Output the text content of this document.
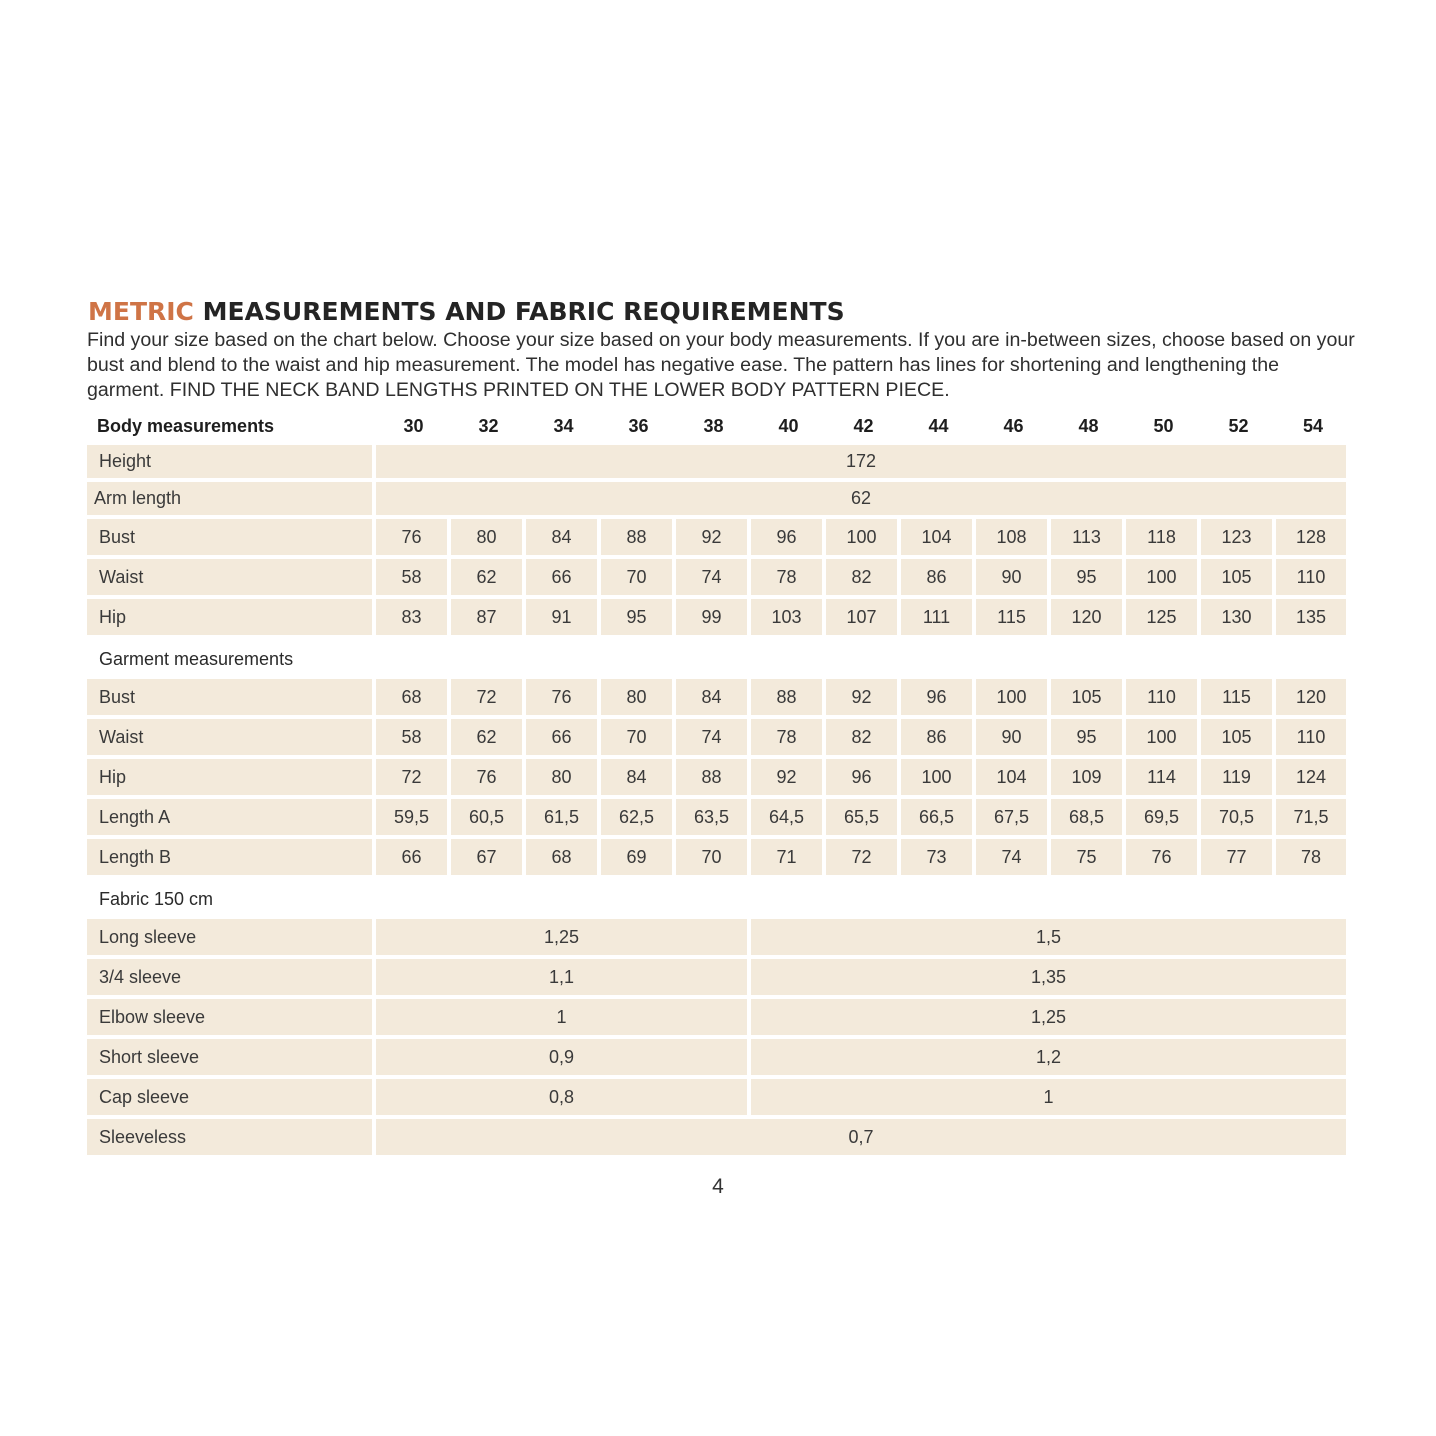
METRIC MEASUREMENTS AND FABRIC REQUIREMENTS

Find your size based on the chart below. Choose your size based on your body measurements. If you are in-between sizes, choose based on your bust and blend to the waist and hip measurement. The model has negative ease. The pattern has lines for shortening and lengthening the garment. FIND THE NECK BAND LENGTHS PRINTED ON THE LOWER BODY PATTERN PIECE.

Body measurements	30	32	34	36	38	40	42	44	46	48	50	52	54
Height	172												
Arm length	62												
Bust	76	80	84	88	92	96	100	104	108	113	118	123	128
Waist	58	62	66	70	74	78	82	86	90	95	100	105	110
Hip	83	87	91	95	99	103	107	111	115	120	125	130	135
Garment measurements													
Bust	68	72	76	80	84	88	92	96	100	105	110	115	120
Waist	58	62	66	70	74	78	82	86	90	95	100	105	110
Hip	72	76	80	84	88	92	96	100	104	109	114	119	124
Length A	59,5	60,5	61,5	62,5	63,5	64,5	65,5	66,5	67,5	68,5	69,5	70,5	71,5
Length B	66	67	68	69	70	71	72	73	74	75	76	77	78
Fabric 150 cm													
Long sleeve	1,25					1,5							
3/4 sleeve	1,1					1,35							
Elbow sleeve	1					1,25							
Short sleeve	0,9					1,2							
Cap sleeve	0,8					1							
Sleeveless	0,7												
4
